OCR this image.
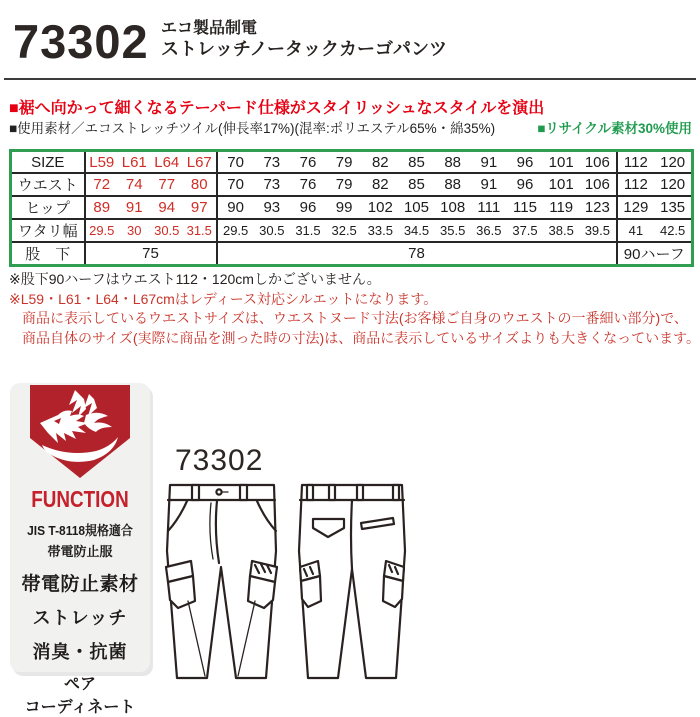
73302 エコ製品制電
ストレッチノータックカーゴパンツ
■裾へ向かって細くなるテーパード仕様がスタイリッシュなスタイルを演出
■使用素材／エコストレッチツイル(伸長率17%)(混率:ポリエステル65%・綿35%)	■リサイクル素材30%使用
SIZE	L59 L61 L64 L67	70 73 76 79 82 85 88 91 96 101 106	112 120
ウエスト	72 74 77 80	70 73 76 79 82 85 88 91 96 101 106	112 120
ヒップ	89 91 94 97	90 93 96 99 102 105 108 111 115 119 123	129 135
ワタリ幅	29.5 30 30.5 31.5	29.5 30.5 31.5 32.5 33.5 34.5 35.5 36.5 37.5 38.5 39.5	41 42.5
股　下	75	78	90ハーフ
※股下90ハーフはウエスト112・120cmしかございません。
※L59・L61・L64・L67cmはレディース対応シルエットになります。
商品に表示しているウエストサイズは、ウエストヌード寸法(お客様ご自身のウエストの一番細い部分)で、
商品自体のサイズ(実際に商品を測った時の寸法)は、商品に表示しているサイズよりも大きくなっています。
FUNCTION
JIS T-8118規格適合
帯電防止服
帯電防止素材
ストレッチ
消臭・抗菌
ペア
コーディネート
73302
